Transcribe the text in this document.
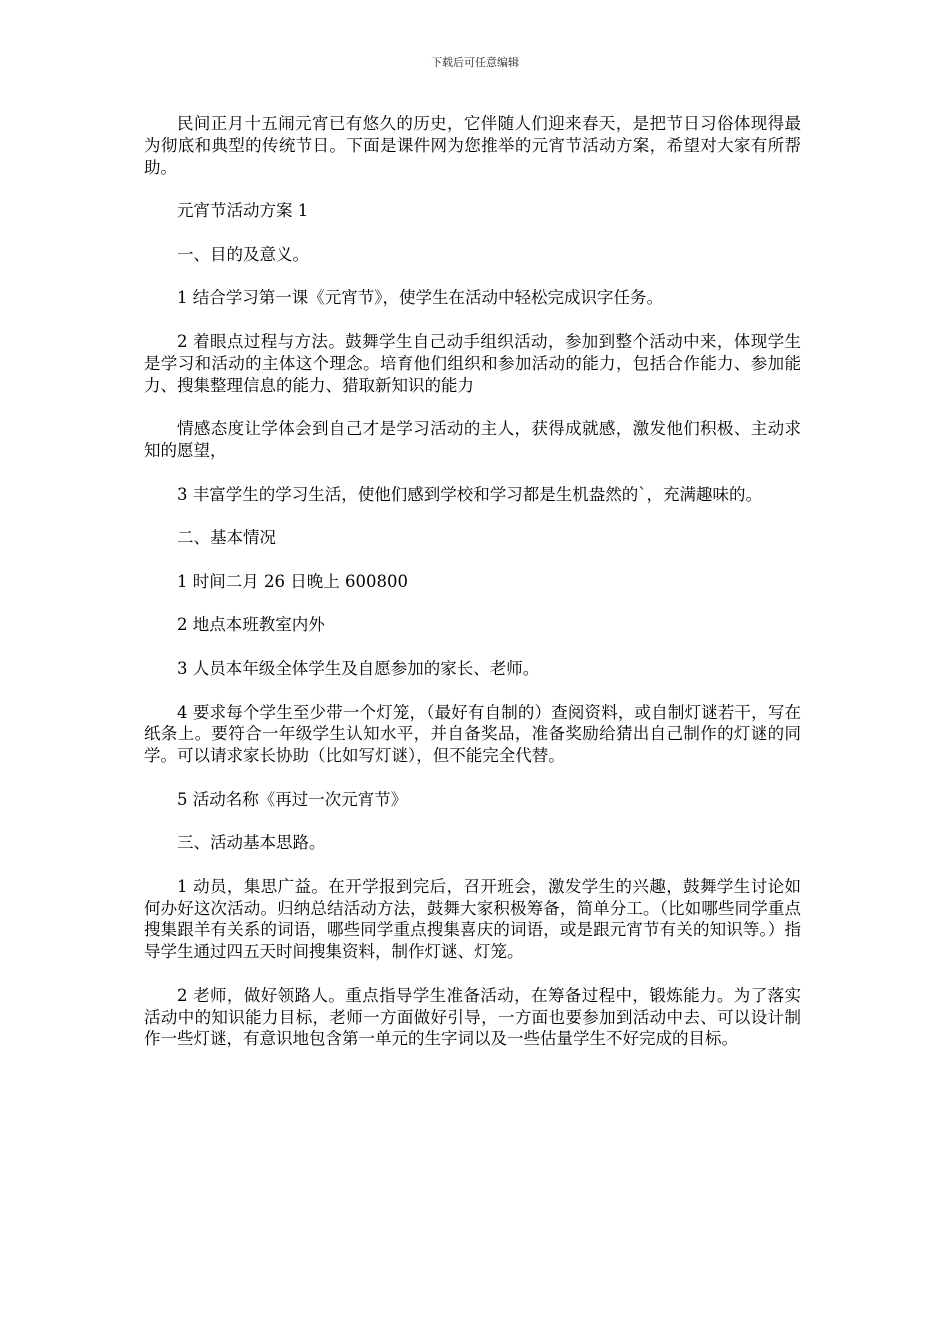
下载后可任意编辑

民间正月十五闹元宵已有悠久的历史，它伴随人们迎来春天，是把节日习俗体现得最为彻底和典型的传统节日。下面是课件网为您推举的元宵节活动方案，希望对大家有所帮助。

元宵节活动方案 1

一、目的及意义。

1 结合学习第一课《元宵节》，使学生在活动中轻松完成识字任务。

2 着眼点过程与方法。鼓舞学生自己动手组织活动，参加到整个活动中来，体现学生是学习和活动的主体这个理念。培育他们组织和参加活动的能力，包括合作能力、参加能力、搜集整理信息的能力、猎取新知识的能力

情感态度让学体会到自己才是学习活动的主人，获得成就感，激发他们积极、主动求知的愿望，

3 丰富学生的学习生活，使他们感到学校和学习都是生机盎然的`，充满趣味的。

二、基本情况

1 时间二月 26 日晚上 600800

2 地点本班教室内外

3 人员本年级全体学生及自愿参加的家长、老师。

4 要求每个学生至少带一个灯笼，（最好有自制的）查阅资料，或自制灯谜若干，写在纸条上。要符合一年级学生认知水平，并自备奖品，准备奖励给猜出自己制作的灯谜的同学。可以请求家长协助（比如写灯谜），但不能完全代替。

5 活动名称《再过一次元宵节》

三、活动基本思路。

1 动员，集思广益。在开学报到完后，召开班会，激发学生的兴趣，鼓舞学生讨论如何办好这次活动。归纳总结活动方法，鼓舞大家积极筹备，简单分工。（比如哪些同学重点搜集跟羊有关系的词语，哪些同学重点搜集喜庆的词语，或是跟元宵节有关的知识等。）指导学生通过四五天时间搜集资料，制作灯谜、灯笼。

2 老师，做好领路人。重点指导学生准备活动，在筹备过程中，锻炼能力。为了落实活动中的知识能力目标，老师一方面做好引导，一方面也要参加到活动中去、可以设计制作一些灯谜，有意识地包含第一单元的生字词以及一些估量学生不好完成的目标。
